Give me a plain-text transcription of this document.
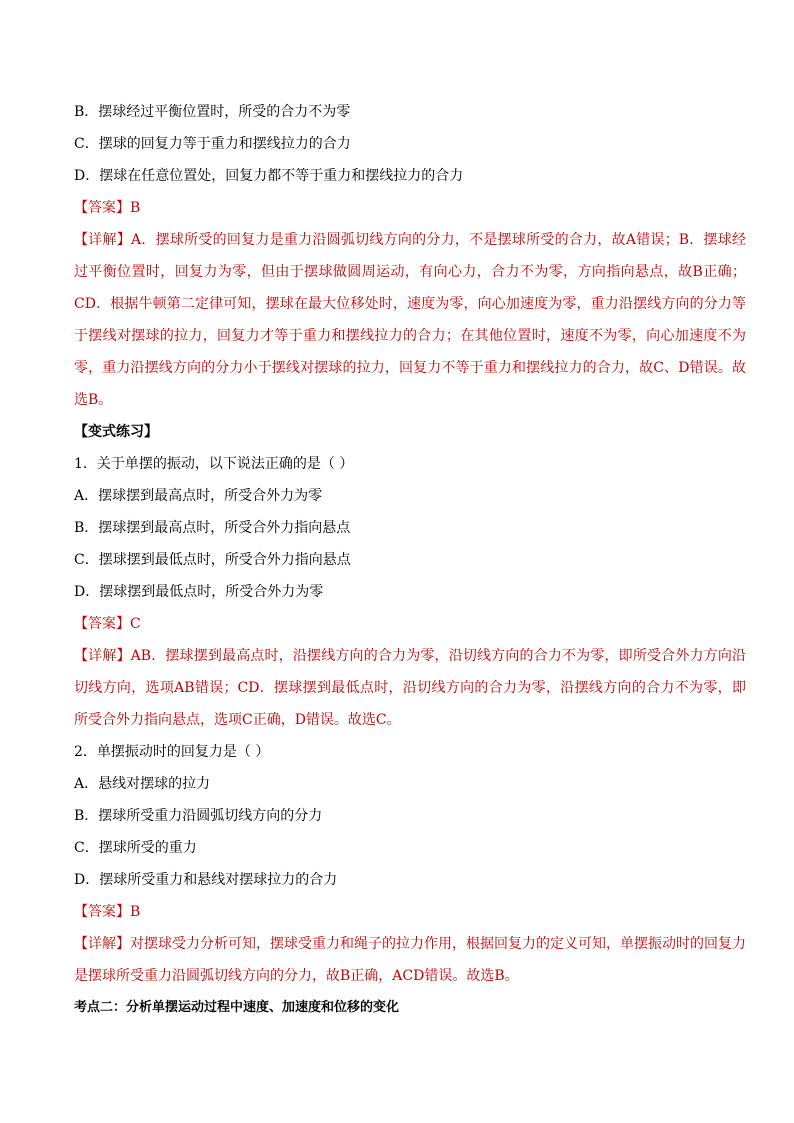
B．摆球经过平衡位置时，所受的合力不为零
C．摆球的回复力等于重力和摆线拉力的合力
D．摆球在任意位置处，回复力都不等于重力和摆线拉力的合力
【答案】B
【详解】A．摆球所受的回复力是重力沿圆弧切线方向的分力，不是摆球所受的合力，故A错误；B．摆球经过平衡位置时，回复力为零，但由于摆球做圆周运动，有向心力，合力不为零，方向指向悬点，故B正确；CD．根据牛顿第二定律可知，摆球在最大位移处时，速度为零，向心加速度为零，重力沿摆线方向的分力等于摆线对摆球的拉力，回复力才等于重力和摆线拉力的合力；在其他位置时，速度不为零，向心加速度不为零，重力沿摆线方向的分力小于摆线对摆球的拉力，回复力不等于重力和摆线拉力的合力，故C、D错误。故选B。
【变式练习】
1．关于单摆的振动，以下说法正确的是（ ）
A．摆球摆到最高点时，所受合外力为零
B．摆球摆到最高点时，所受合外力指向悬点
C．摆球摆到最低点时，所受合外力指向悬点
D．摆球摆到最低点时，所受合外力为零
【答案】C
【详解】AB．摆球摆到最高点时，沿摆线方向的合力为零，沿切线方向的合力不为零，即所受合外力方向沿切线方向，选项AB错误；CD．摆球摆到最低点时，沿切线方向的合力为零，沿摆线方向的合力不为零，即所受合外力指向悬点，选项C正确，D错误。故选C。
2．单摆振动时的回复力是（ ）
A．悬线对摆球的拉力
B．摆球所受重力沿圆弧切线方向的分力
C．摆球所受的重力
D．摆球所受重力和悬线对摆球拉力的合力
【答案】B
【详解】对摆球受力分析可知，摆球受重力和绳子的拉力作用，根据回复力的定义可知，单摆振动时的回复力是摆球所受重力沿圆弧切线方向的分力，故B正确，ACD错误。故选B。
考点二：分析单摆运动过程中速度、加速度和位移的变化
